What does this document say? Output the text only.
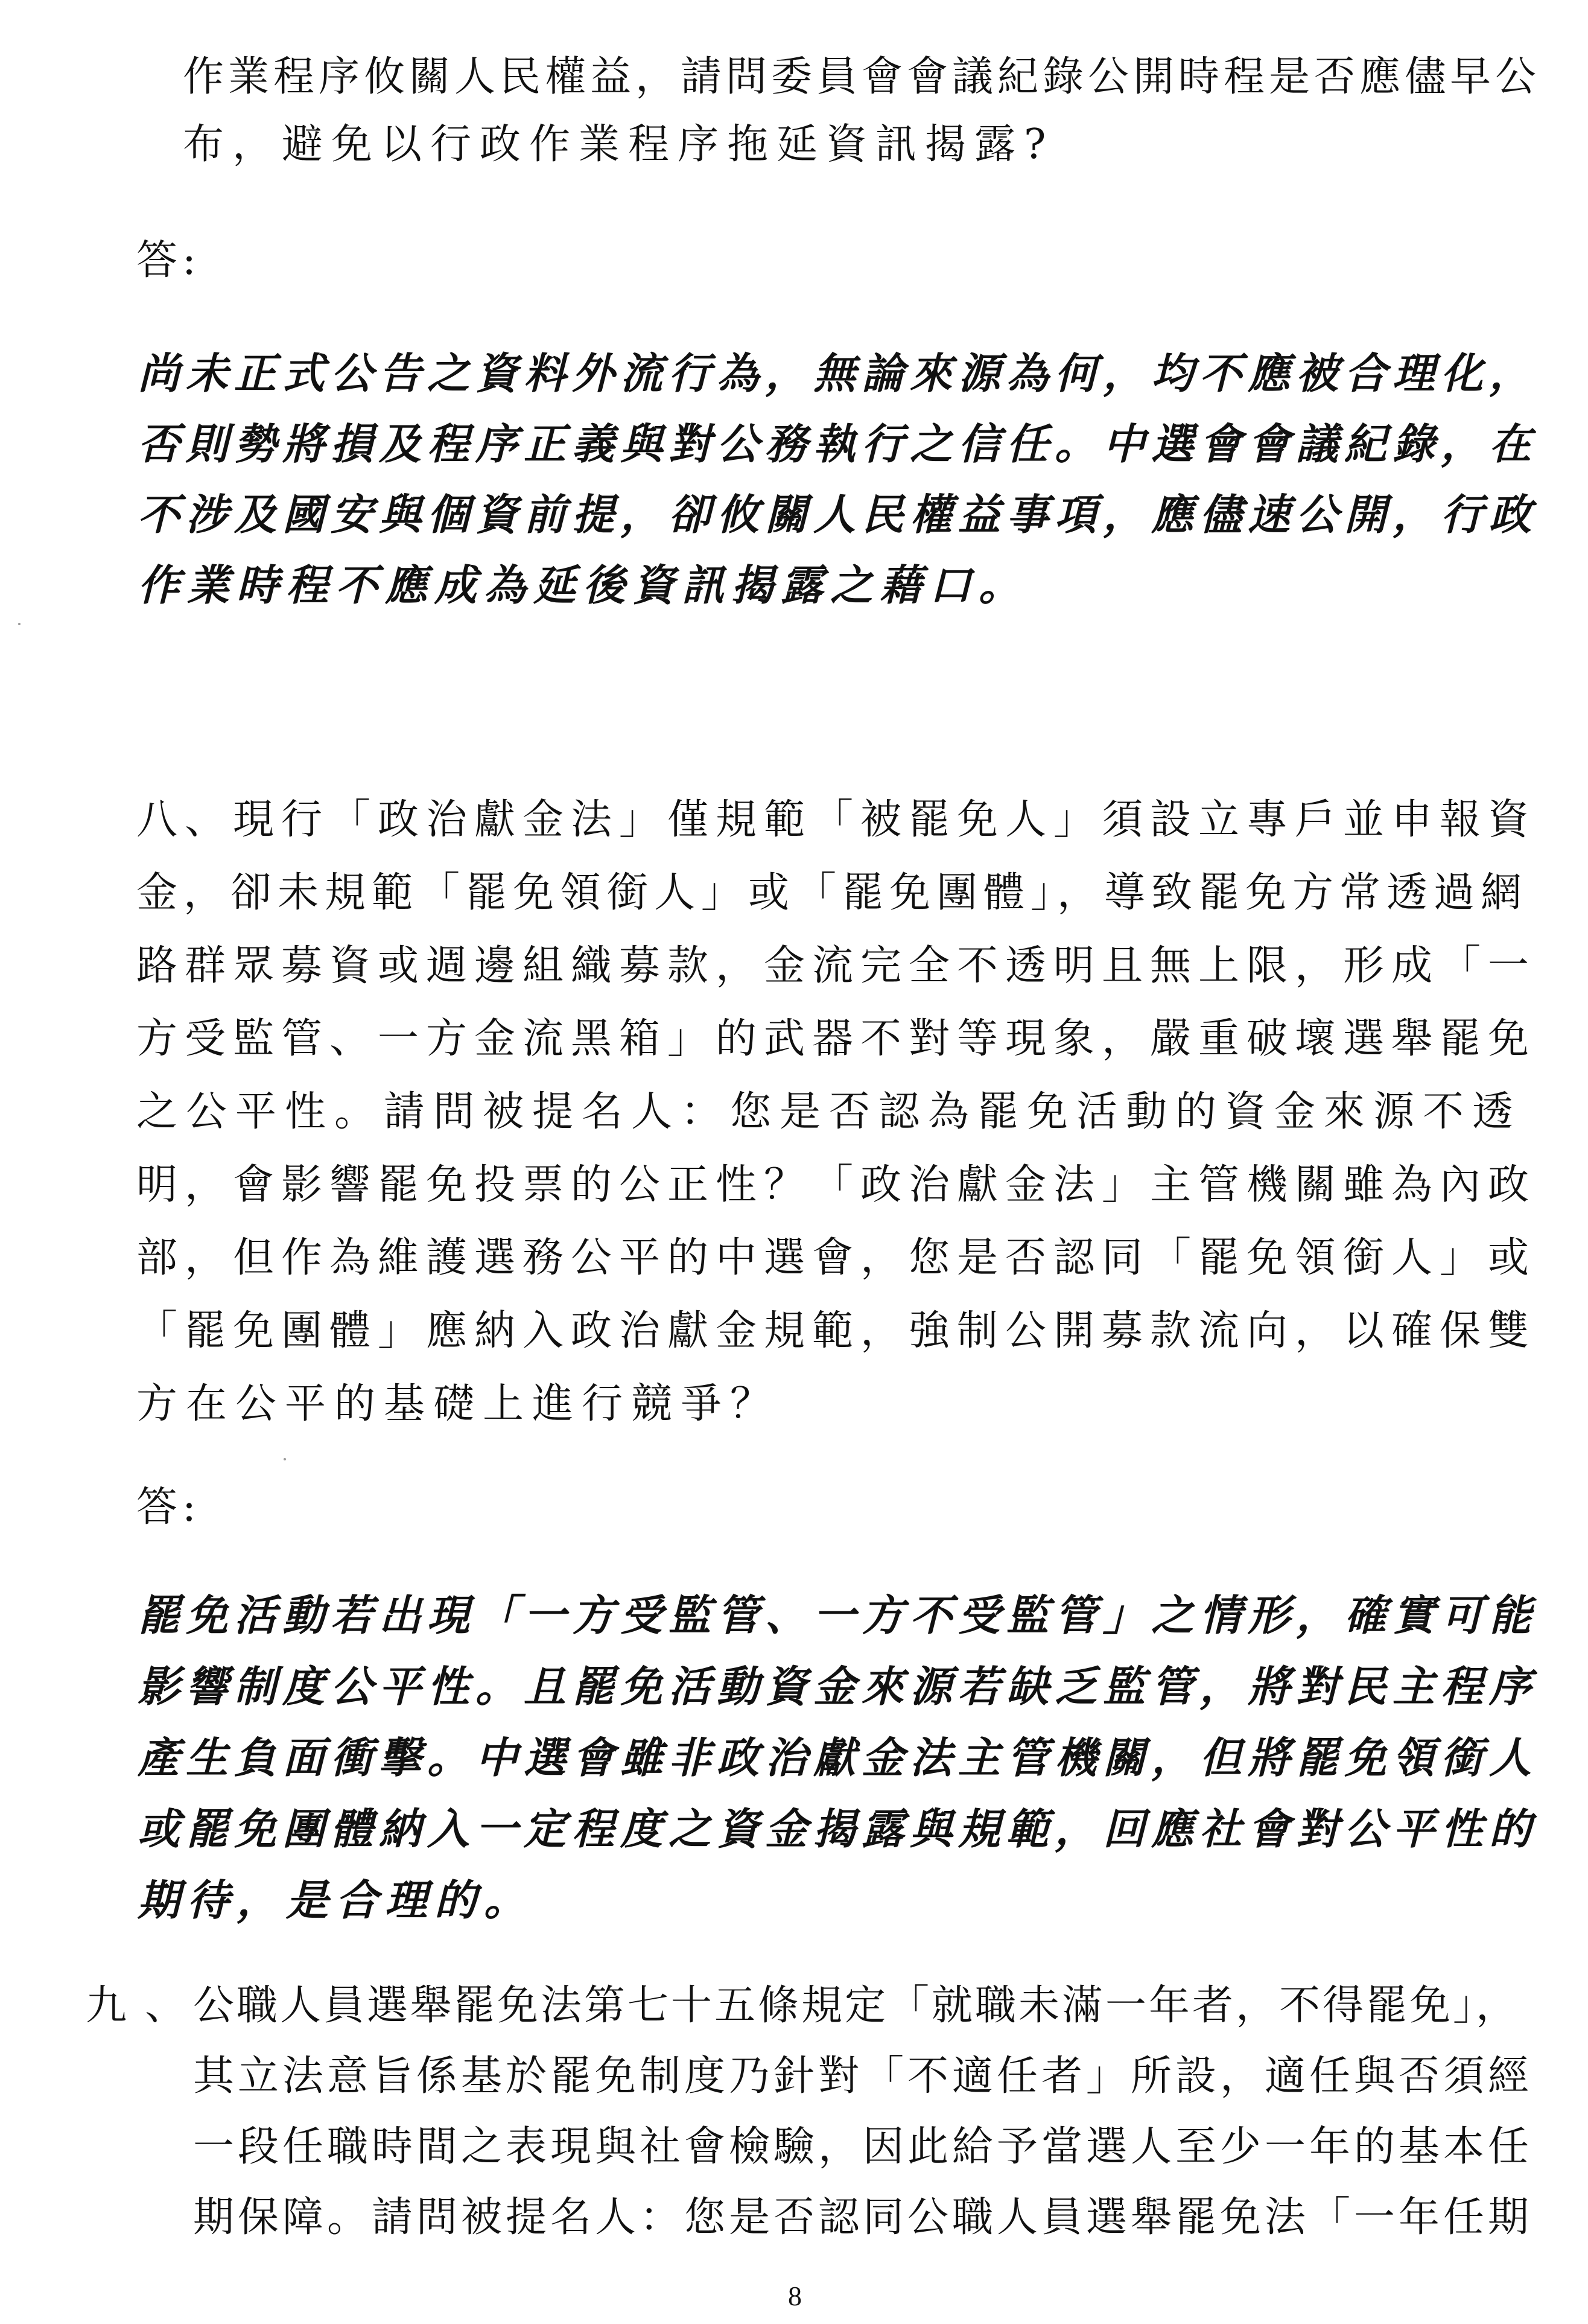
作業程序攸關人民權益，請問委員會會議紀錄公開時程是否應儘早公
布，避免以行政作業程序拖延資訊揭露?
答:
尚未正式公告之資料外流行為，無論來源為何，均不應被合理化，
否則勢將損及程序正義與對公務執行之信任。中選會會議紀錄，在
不涉及國安與個資前提，卻攸關人民權益事項，應儘速公開，行政
作業時程不應成為延後資訊揭露之藉口。
八、現行「政治獻金法」僅規範「被罷免人」須設立專戶並申報資
金，卻未規範「罷免領銜人」或「罷免團體」，導致罷免方常透過網
路群眾募資或週邊組織募款，金流完全不透明且無上限，形成「一
方受監管、一方金流黑箱」的武器不對等現象，嚴重破壞選舉罷免
之公平性。請問被提名人：您是否認為罷免活動的資金來源不透
明，會影響罷免投票的公正性？「政治獻金法」主管機關雖為內政
部，但作為維護選務公平的中選會，您是否認同「罷免領銜人」或
「罷免團體」應納入政治獻金規範，強制公開募款流向，以確保雙
方在公平的基礎上進行競爭？
答:
罷免活動若出現「一方受監管、一方不受監管」之情形，確實可能
影響制度公平性。且罷免活動資金來源若缺乏監管，將對民主程序
產生負面衝擊。中選會雖非政治獻金法主管機關，但將罷免領銜人
或罷免團體納入一定程度之資金揭露與規範，回應社會對公平性的
期待，是合理的。
九、
公職人員選舉罷免法第七十五條規定「就職未滿一年者，不得罷免」，
其立法意旨係基於罷免制度乃針對「不適任者」所設，適任與否須經
一段任職時間之表現與社會檢驗，因此給予當選人至少一年的基本任
期保障。請問被提名人：您是否認同公職人員選舉罷免法「一年任期
8
